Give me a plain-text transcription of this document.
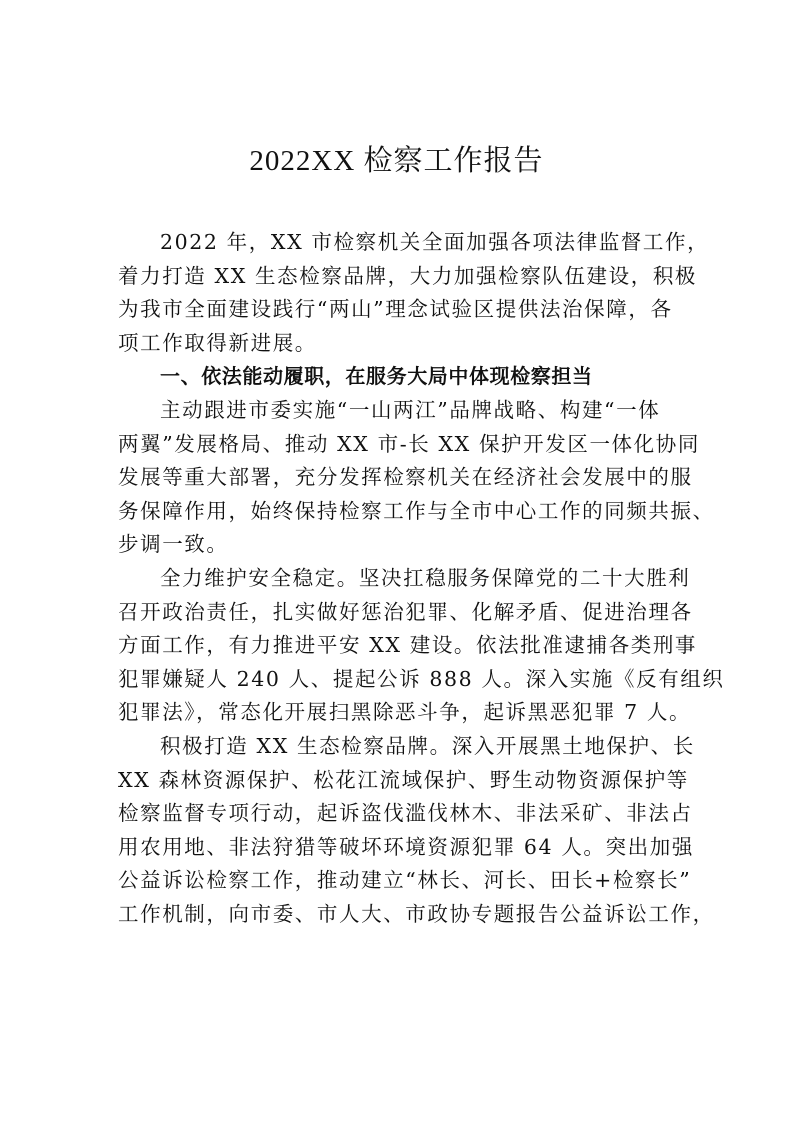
2022XX 检察工作报告
2022 年，XX 市检察机关全面加强各项法律监督工作，
着力打造 XX 生态检察品牌，大力加强检察队伍建设，积极
为我市全面建设践行“两山”理念试验区提供法治保障，各
项工作取得新进展。
一、依法能动履职，在服务大局中体现检察担当
主动跟进市委实施“一山两江”品牌战略、构建“一体
两翼”发展格局、推动 XX 市-长 XX 保护开发区一体化协同
发展等重大部署，充分发挥检察机关在经济社会发展中的服
务保障作用，始终保持检察工作与全市中心工作的同频共振、
步调一致。
全力维护安全稳定。坚决扛稳服务保障党的二十大胜利
召开政治责任，扎实做好惩治犯罪、化解矛盾、促进治理各
方面工作，有力推进平安 XX 建设。依法批准逮捕各类刑事
犯罪嫌疑人 240 人、提起公诉 888 人。深入实施《反有组织
犯罪法》，常态化开展扫黑除恶斗争，起诉黑恶犯罪 7 人。
积极打造 XX 生态检察品牌。深入开展黑土地保护、长
XX 森林资源保护、松花江流域保护、野生动物资源保护等
检察监督专项行动，起诉盗伐滥伐林木、非法采矿、非法占
用农用地、非法狩猎等破坏环境资源犯罪 64 人。突出加强
公益诉讼检察工作，推动建立“林长、河长、田长+检察长”
工作机制，向市委、市人大、市政协专题报告公益诉讼工作，
